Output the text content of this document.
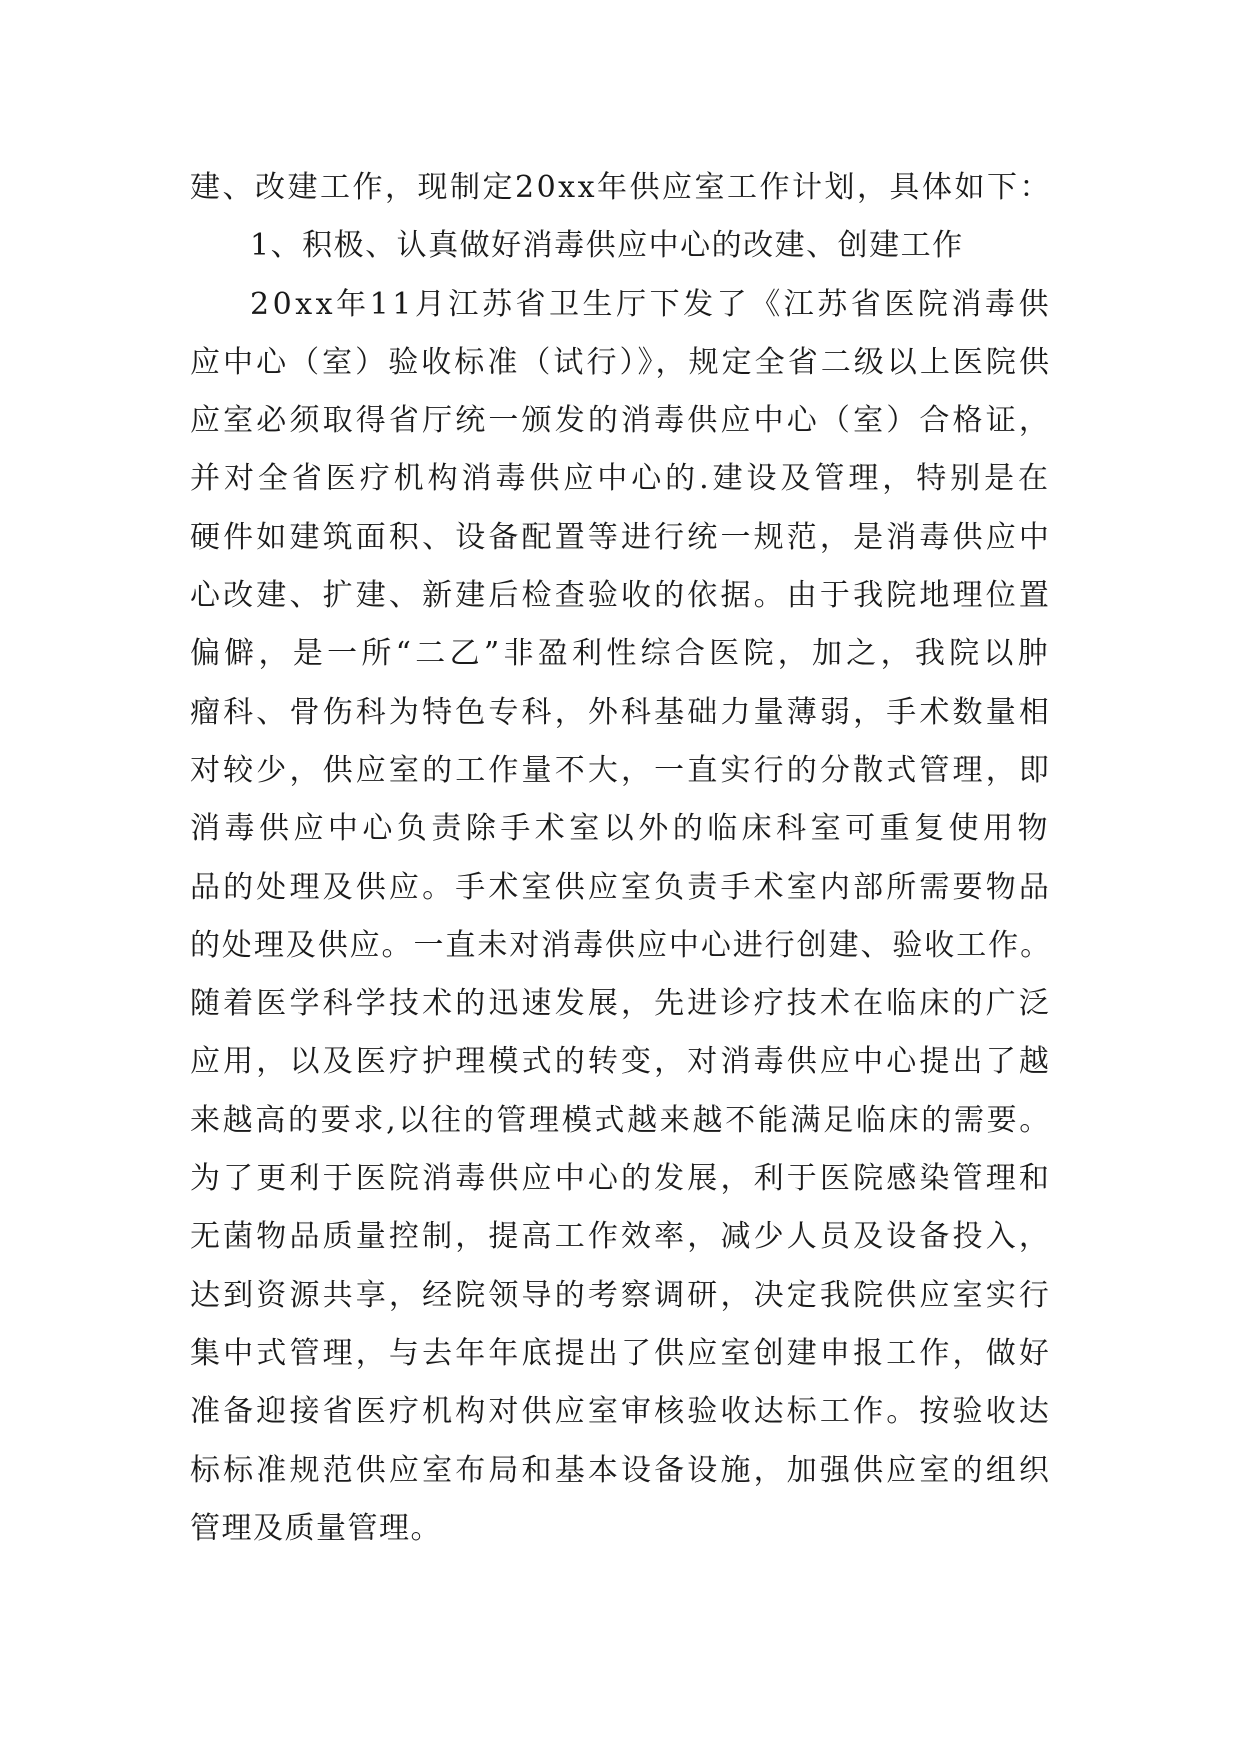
建、改建工作，现制定20xx年供应室工作计划，具体如下：
1、积极、认真做好消毒供应中心的改建、创建工作
20xx年11月江苏省卫生厅下发了《江苏省医院消毒供
应中心（室）验收标准（试行）》，规定全省二级以上医院供
应室必须取得省厅统一颁发的消毒供应中心（室）合格证，
并对全省医疗机构消毒供应中心的.建设及管理，特别是在
硬件如建筑面积、设备配置等进行统一规范，是消毒供应中
心改建、扩建、新建后检查验收的依据。由于我院地理位置
偏僻，是一所“二乙”非盈利性综合医院，加之，我院以肿
瘤科、骨伤科为特色专科，外科基础力量薄弱，手术数量相
对较少，供应室的工作量不大，一直实行的分散式管理，即
消毒供应中心负责除手术室以外的临床科室可重复使用物
品的处理及供应。手术室供应室负责手术室内部所需要物品
的处理及供应。一直未对消毒供应中心进行创建、验收工作。
随着医学科学技术的迅速发展，先进诊疗技术在临床的广泛
应用，以及医疗护理模式的转变，对消毒供应中心提出了越
来越高的要求,以往的管理模式越来越不能满足临床的需要。
为了更利于医院消毒供应中心的发展，利于医院感染管理和
无菌物品质量控制，提高工作效率，减少人员及设备投入，
达到资源共享，经院领导的考察调研，决定我院供应室实行
集中式管理，与去年年底提出了供应室创建申报工作，做好
准备迎接省医疗机构对供应室审核验收达标工作。按验收达
标标准规范供应室布局和基本设备设施，加强供应室的组织
管理及质量管理。
